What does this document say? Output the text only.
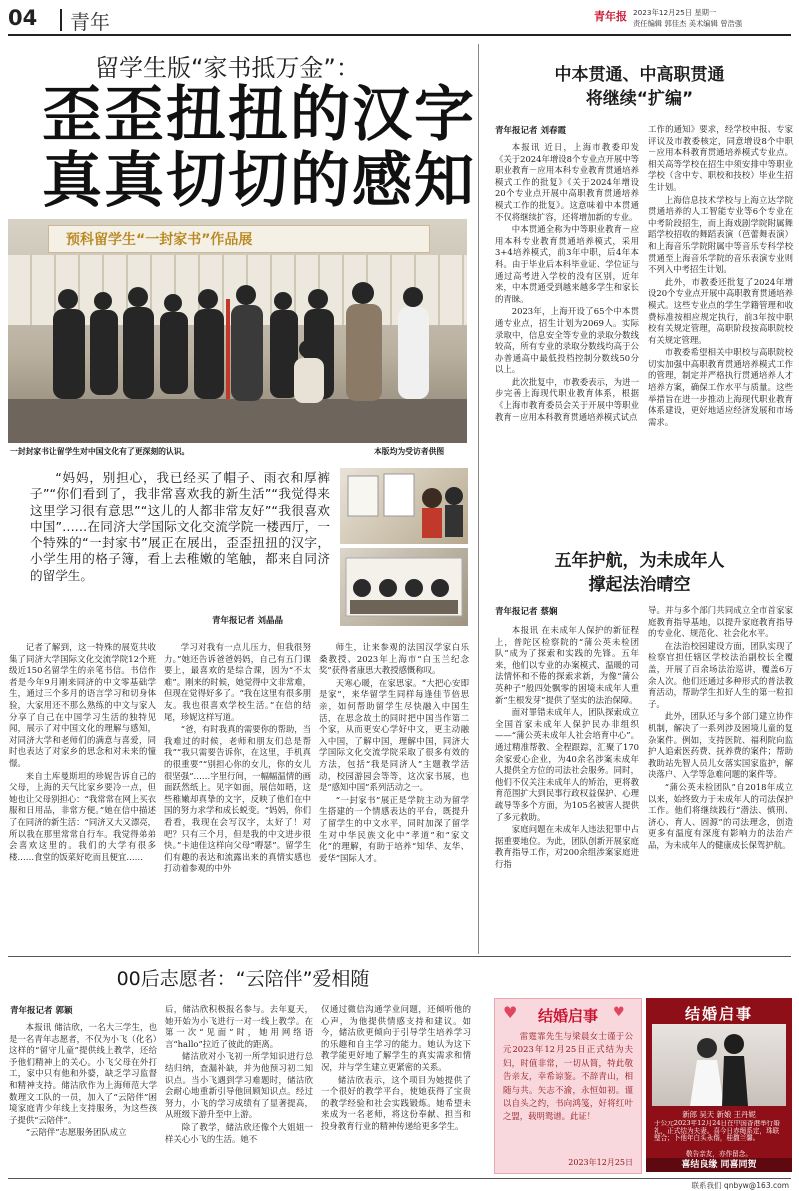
04 青年	青年报 2023年12月25日 星期一
责任编辑 郭佳杰 美术编辑 曾浩强
留学生版“家书抵万金”：
歪歪扭扭的汉字
真真切切的感知
预科留学生“一封家书”作品展
一封封家书让留学生对中国文化有了更深刻的认识。	本版均为受访者供图
“妈妈，别担心，我已经买了帽子、雨衣和厚裤子”“你们看到了，我非常喜欢我的新生活”“我觉得来这里学习很有意思”“这儿的人都非常友好”“我很喜欢中国”……在同济大学国际文化交流学院一楼西厅，一个特殊的“一封家书”展正在展出，歪歪扭扭的汉字，小学生用的格子簿，看上去稚嫩的笔触，都来自同济的留学生。
青年报记者 刘晶晶

记者了解到，这一特殊的展览共收集了同济大学国际文化交流学院12个班级近150名留学生的亲笔书信。书信作者是今年9月刚来同济的中文零基础学生，通过三个多月的语言学习和切身体验，大家用还不那么熟练的中文与家人分享了自己在中国学习生活的独特见闻，展示了对中国文化的理解与感知，对同济大学和老师们的满意与喜爱，同时也表达了对家乡的思念和对未来的憧憬。

来自土库曼斯坦的珍妮告诉自己的父母，上海的天气比家乡要冷一点，但她也让父母别担心：“我常常在网上买衣服和日用品，非常方便。”她在信中描述了在同济的新生活：“同济又大又漂亮，所以我在那里常常自行车。我觉得弟弟会喜欢这里的。我们的大学有很多楼……食堂的饭菜好吃而且便宜……

学习对我有一点儿压力，但我很努力。”她还告诉爸爸妈妈，自己有五门课要上，最喜欢的是综合课，因为“不太难”。刚来的时候，她觉得中文非常难，但现在觉得好多了。“我在这里有很多朋友。我也很喜欢学校生活。”在信的结尾，珍妮这样写道。

“爸，有时我真的需要你的帮助，当我难过的时候，老师和朋友们总是帮我”“我只需要告诉你，在这里，手机真的很重要”“别担心你的女儿，你的女儿很坚强”……字里行间，一幅幅温情的画面跃然纸上。见字如面，展信如晤，这些稚嫩却真挚的文字，反映了他们在中国的努力求学和成长蜕变。“妈妈，你们看看，我现在会写汉字，太好了！对吧？只有三个月，但是我的中文进步很快。”卡迪佳这样向父母“嘚瑟”。留学生们有趣的表达和流露出来的真情实感也打动着参观的中外

师生，让来参观的法国汉学家白乐桑教授、2023年上海市“白玉兰纪念奖”获得者康思大教授感慨称叹。

天寒心暖，在家思家。“大把心安即是家”，来华留学生同样每逢佳节倍思亲，如何帮助留学生尽快融入中国生活，在思念故土的同时把中国当作第二个家，从而更安心学好中文，更主动融入中国，了解中国，理解中国，同济大学国际文化交流学院采取了很多有效的方法，包括“我是同济人”主题教学活动，校园游园会等等，这次家书展，也是“感知中国”系列活动之一。

“一封家书”展正是学院主动为留学生搭建的一个情感表达的平台，既提升了留学生的中文水平，同时加深了留学生对中华民族文化中“孝道”和“家文化”的理解，有助于培养“知华、友华、爱华”国际人才。

中本贯通、中高职贯通
将继续“扩编”
青年报记者 刘春霞

本报讯 近日，上海市教委印发《关于2024年增设8个专业点开展中等职业教育－应用本科专业教育贯通培养模式工作的批复》《关于2024年增设20个专业点开展中高职教育贯通培养模式工作的批复》。这意味着中本贯通不仅将继续扩容，还将增加新的专业。

中本贯通全称为中等职业教育－应用本科专业教育贯通培养模式，采用3+4培养模式，前3年中职，后4年本科。由于毕业后本科毕业证、学位证与通过高考进入学校的没有区别，近年来，中本贯通受到越来越多学生和家长的青睐。

2023年，上海开设了65个中本贯通专业点，招生计划为2069人。实际录取中，信息安全等专业的录取分数线较高，所有专业的录取分数线均高于公办普通高中最低投档控制分数线50分以上。

此次批复中，市教委表示，为进一步完善上海现代职业教育体系，根据《上海市教育委员会关于开展中等职业教育－应用本科教育贯通培养模式试点

工作的通知》要求，经学校申报、专家评议及市教委核定，同意增设8个中职－应用本科教育贯通培养模式专业点。相关高等学校在招生中须安排中等职业学校（含中专、职校和技校）毕业生招生计划。

上海信息技术学校与上海立达学院贯通培养的人工智能专业等6个专业在中考阶段招生，而上海戏剧学院附属舞蹈学校招收的舞蹈表演（芭蕾舞表演）和上海音乐学院附属中等音乐专科学校贯通至上海音乐学院的音乐表演专业则不列入中考招生计划。

此外，市教委还批复了2024年增设20个专业点开展中高职教育贯通培养模式。这些专业点的学生学籍管理和收费标准按相应规定执行，前3年按中职校有关规定管理，高职阶段按高职院校有关规定管理。

市教委希望相关中职校与高职院校切实加强中高职教育贯通培养模式工作的管理，制定并严格执行贯通培养人才培养方案，确保工作水平与质量。这些举措旨在进一步推动上海现代职业教育体系建设，更好地适应经济发展和市场需求。

五年护航，为未成年人
撑起法治晴空
青年报记者 蔡娴

本报讯 在未成年人保护的新征程上，普陀区检察院的“蒲公英未检团队”成为了探索和实践的先锋。五年来，他们以专业的办案模式、温暖的司法情怀和不倦的探索求新，为像“蒲公英种子”般四处飘零的困境未成年人重新“生根发芽”提供了坚实的法治保障。

面对罪错未成年人，团队探索成立全国首家未成年人保护民办非组织——“蒲公英未成年人社会培育中心”。通过精准帮教、全程跟踪，汇聚了170余家爱心企业，为40余名涉案未成年人提供全方位的司法社会服务。同时，他们不仅关注未成年人的矫治，更将教育范围扩大到民事行政权益保护、心理疏导等多个方面，为105名被害人提供了多元救助。

家庭问题在未成年人违法犯罪中占据重要地位。为此，团队创新开展家庭教育指导工作，对200余组涉案家庭进行指

导。并与多个部门共同成立全市首家家庭教育指导基地，以提升家庭教育指导的专业化、规范化、社会化水平。

在法治校园建设方面，团队实现了检察官担任辖区学校法治副校长全覆盖，开展了百余场法治巡讲，覆盖6万余人次。他们还通过多种形式的普法教育活动，帮助学生扣好人生的第一粒扣子。

此外，团队还与多个部门建立协作机制，解决了一系列涉及困境儿童的复杂案件。例如，支持医院、福利院向监护人追索医药费、抚养费的案件；帮助教助站先智人员儿女落实国家监护，解决落户、入学等急难问题的案件等。

“蒲公英未检团队”自2018年成立以来，始终致力于未成年人的司法保护工作。他们将继续践行“潜法、慎刑、济心、育人、固源”的司法理念，创造更多有温度有深度有影响力的法治产品，为未成年人的健康成长保驾护航。

00后志愿者：“云陪伴”爱相随
青年报记者 郭颖

本报讯 储沽欣，一名大三学生，也是一名青年志愿者，不仅为小飞（化名）这样的“留守儿童”提供线上教学，还给予他们精神上的关心。小飞父母在外打工，家中只有他和外婆，缺乏学习监督和精神支持。储沽欣作为上海师范大学数理文工队的一员，加入了“云陪伴”困境家庭青少年线上支持服务，为这些孩子提供“云陪伴”。

“云陪伴”志愿服务团队成立

后，储沽欣积极报名参与。去年夏天，她开始为小飞进行一对一线上教学。在第一次“见面”时，她用网络语言“hallo”拉近了彼此的距离。

储沽欣对小飞初一所学知识进行总结归纳，查漏补缺，并为他预习初二知识点。当小飞遇到学习难题时，储沽欣会耐心地重新引导他回顾知识点。经过努力，小飞的学习成绩有了显著提高，从班级下游升至中上游。

除了教学，储沽欣还像个大姐姐一样关心小飞的生活。她不

仅通过微信沟通学业问题，还倾听他的心声，为他提供情感支持和建议。如今，储沽欣更倾向于引导学生培养学习的乐趣和自主学习的能力。她认为这下教学能更好地了解学生的真实需求和情况，并与学生建立更紧密的关系。

储沽欣表示，这个项目为她提供了一个很好的教学平台，使她获得了宝贵的教学经验和社会实践锻炼。她希望未来成为一名老师，将这份奉献、担当和投身教育行业的精神传递给更多学生。

♥	♥
结婚启事
雷霆霏先生与梁晨女士谨于公元2023年12月25日正式结为夫妇，时值非常，一切从简，特此敬告亲友，幸希谅鉴。不辞青山，相随与共。矢志不渝，永恒如初。谨以自头之约，书向鸿笺，好将红叶之盟，载明鸳谱。此证！
2023年12月25日
结婚启事
新郎 吴天 新娘 王丹妮
于公元2023年12月24日在中国香港举行婚礼，正式结为夫妻。喜今日赤绳系定，珠联璧合；卜他年白头永偕，桂馥兰馨。
敬告亲友，亦作留念。
喜结良缘 同喜同贺
联系我们 qnbyw@163.com
